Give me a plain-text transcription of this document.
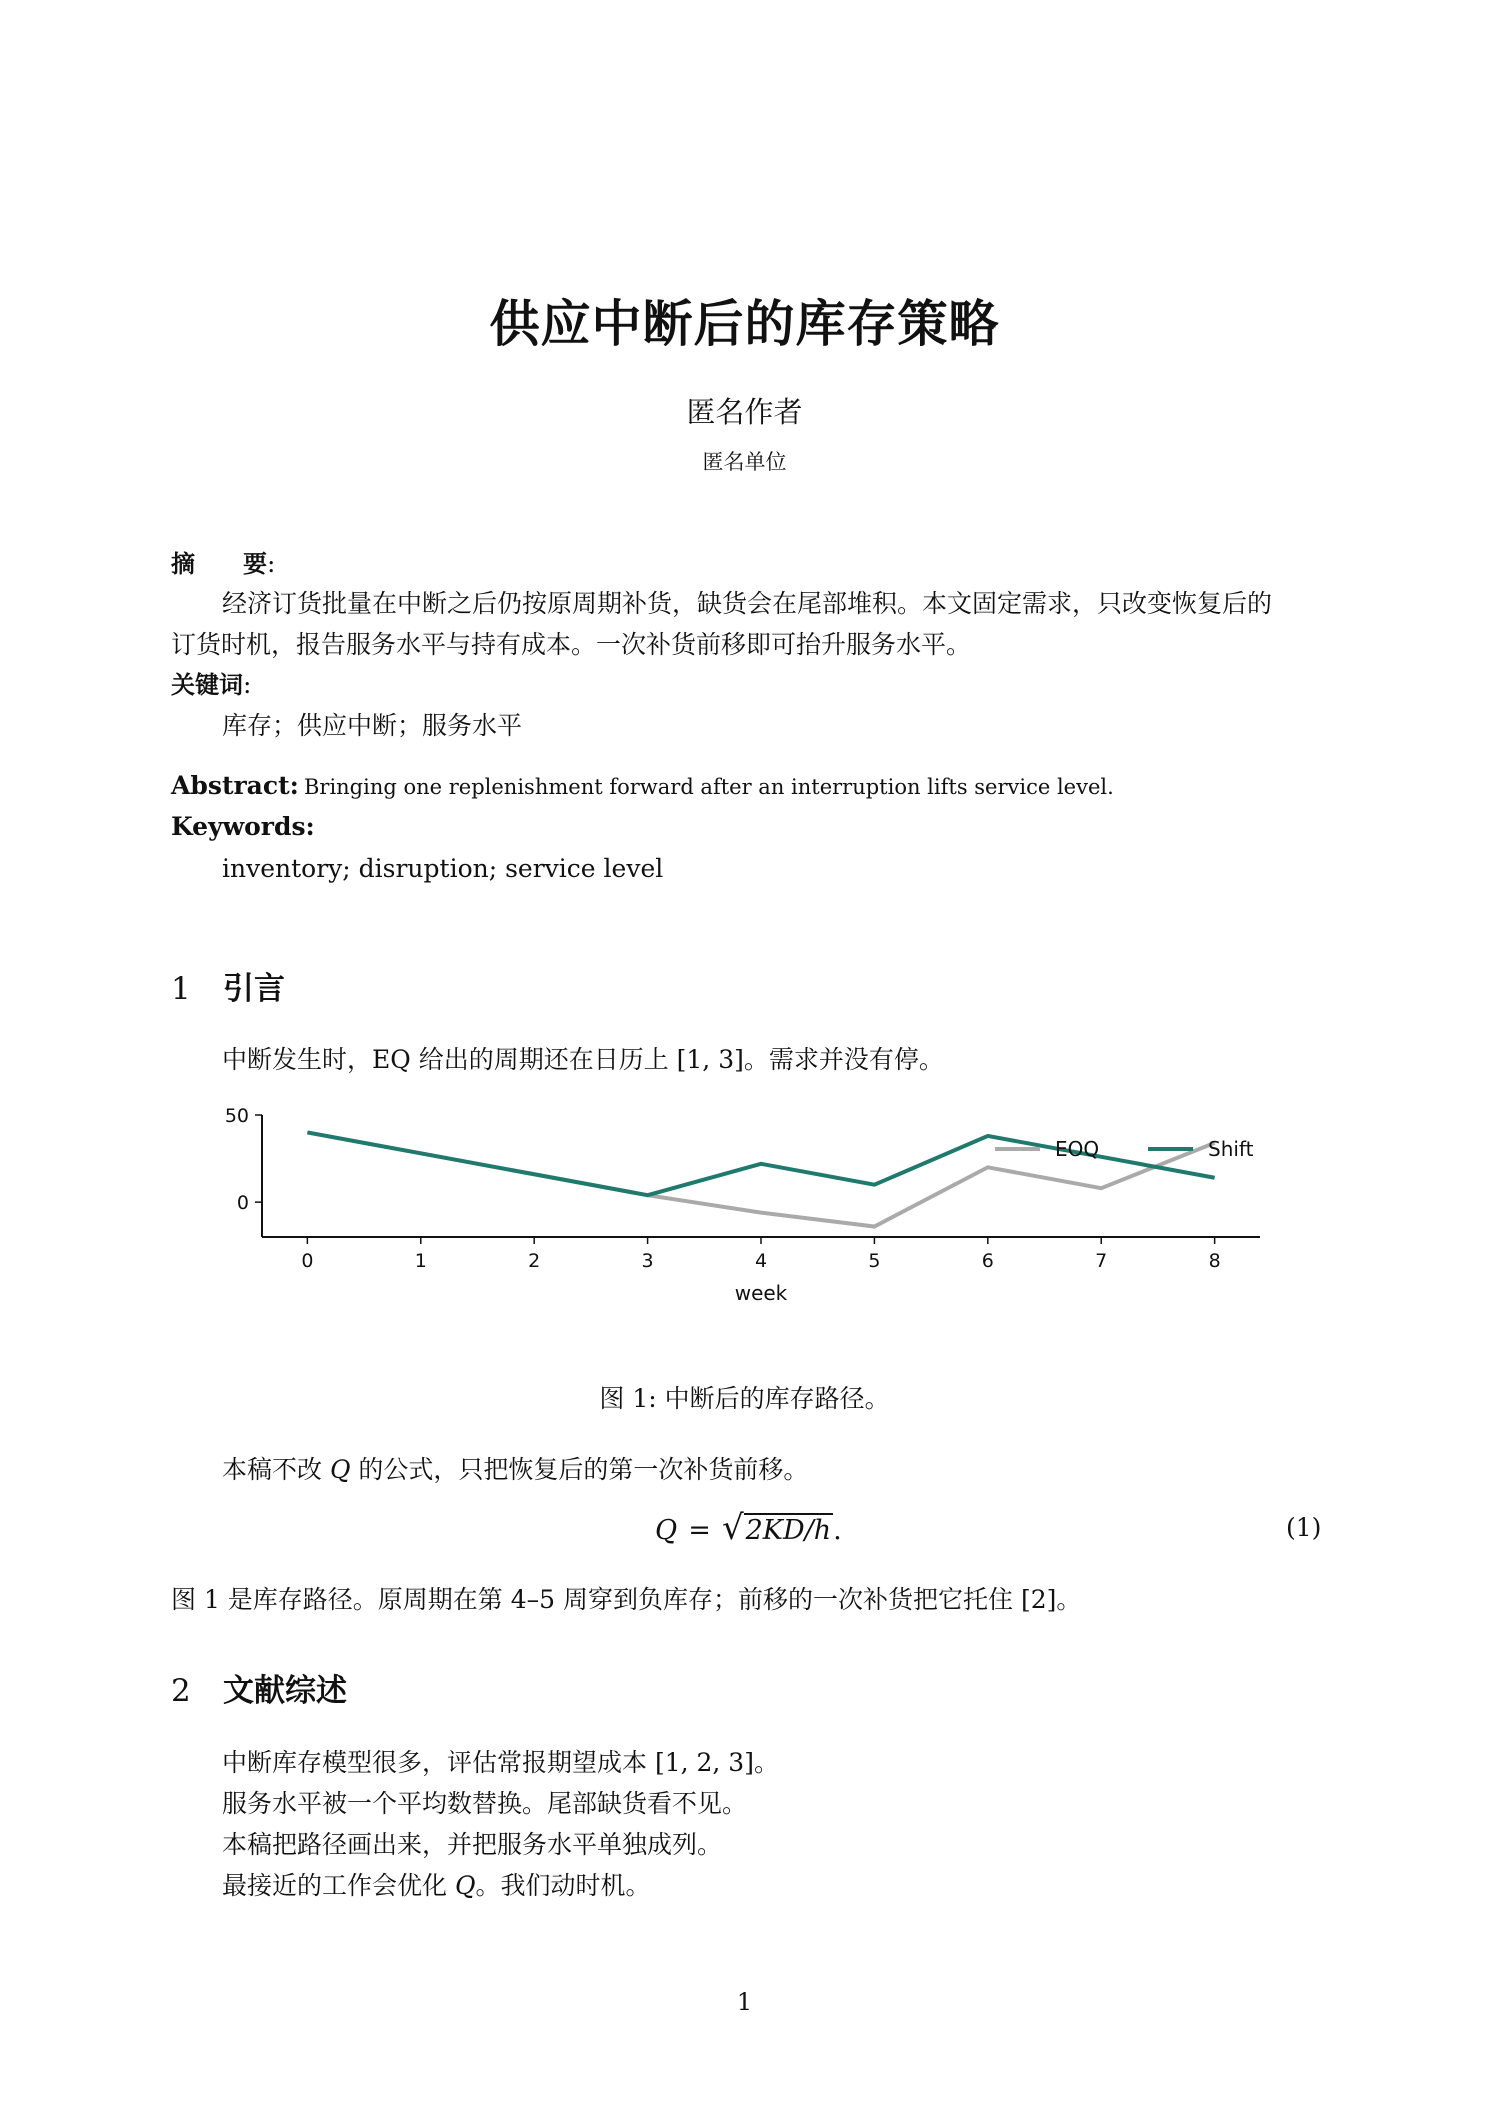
供应中断后的库存策略
匿名作者
匿名单位
摘　　要:
经济订货批量在中断之后仍按原周期补货，缺货会在尾部堆积。本文固定需求，只改变恢复后的
订货时机，报告服务水平与持有成本。一次补货前移即可抬升服务水平。
关键词:
库存；供应中断；服务水平
Abstract: Bringing one replenishment forward after an interruption lifts service level.
Keywords:
inventory; disruption; service level
1 引言
中断发生时，EQ 给出的周期还在日历上 [1, 3]。需求并没有停。
0	1	2	3	4	5	6	7	8
0
50
week
EOQ	Shift
图 1: 中断后的库存路径。
本稿不改 Q 的公式，只把恢复后的第一次补货前移。
Q = √2KD/h.	(1)
图 1 是库存路径。原周期在第 4–5 周穿到负库存；前移的一次补货把它托住 [2]。
2 文献综述
中断库存模型很多，评估常报期望成本 [1, 2, 3]。
服务水平被一个平均数替换。尾部缺货看不见。
本稿把路径画出来，并把服务水平单独成列。
最接近的工作会优化 Q。我们动时机。
1
